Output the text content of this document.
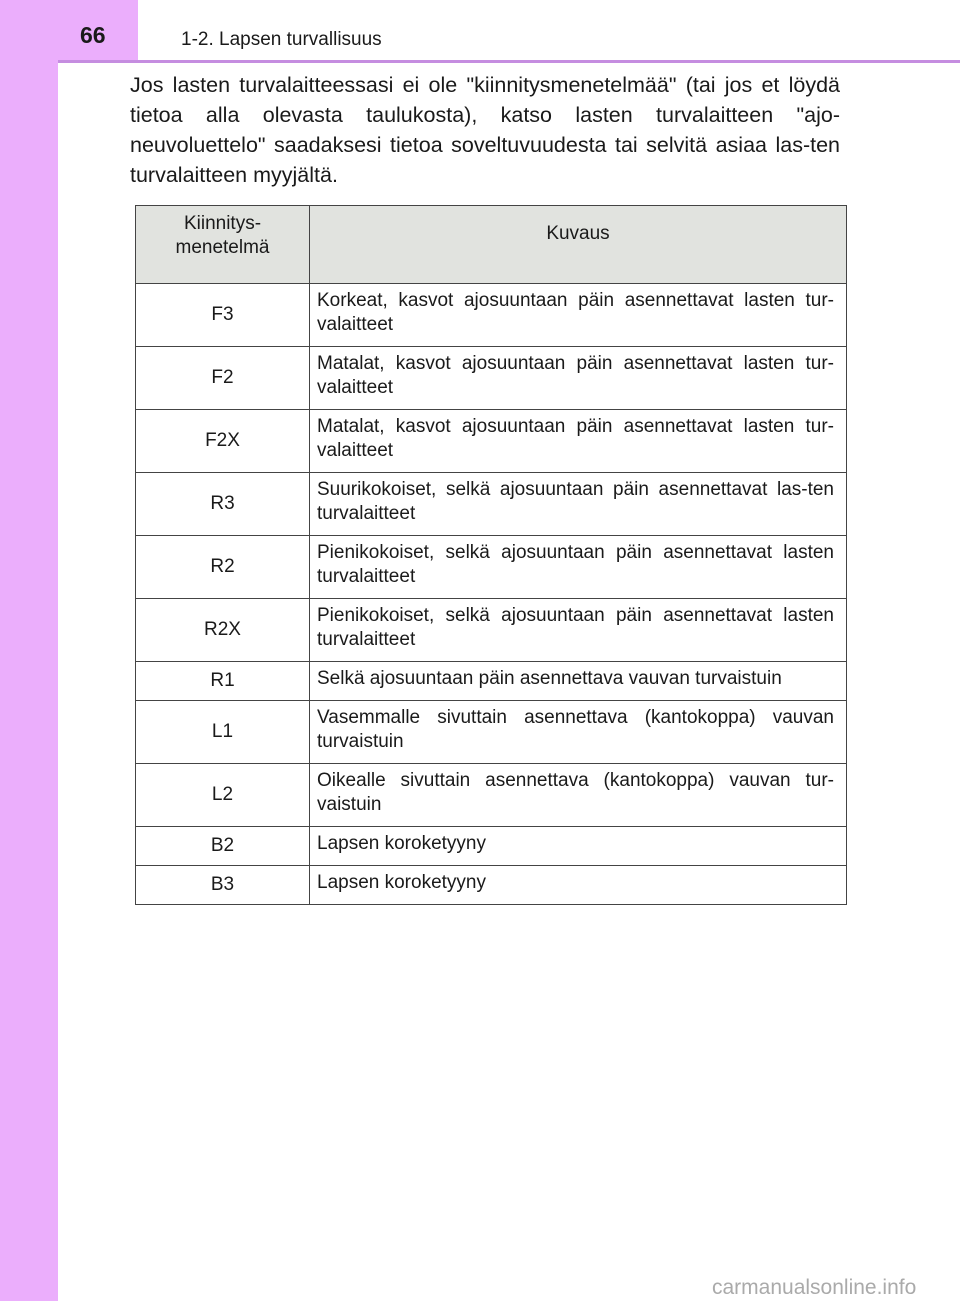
66	1-2. Lapsen turvallisuus
Jos lasten turvalaitteessasi ei ole "kiinnitysmenetelmää" (tai jos et löydä tietoa alla olevasta taulukosta), katso lasten turvalaitteen "ajo-neuvoluettelo" saadaksesi tietoa soveltuvuudesta tai selvitä asiaa las-ten turvalaitteen myyjältä.
Kiinnitys-
menetelmä	Kuvaus
F3	Korkeat, kasvot ajosuuntaan päin asennettavat lasten tur-valaitteet
F2	Matalat, kasvot ajosuuntaan päin asennettavat lasten tur-valaitteet
F2X	Matalat, kasvot ajosuuntaan päin asennettavat lasten tur-valaitteet
R3	Suurikokoiset, selkä ajosuuntaan päin asennettavat las-ten turvalaitteet
R2	Pienikokoiset, selkä ajosuuntaan päin asennettavat lasten turvalaitteet
R2X	Pienikokoiset, selkä ajosuuntaan päin asennettavat lasten turvalaitteet
R1	Selkä ajosuuntaan päin asennettava vauvan turvaistuin
L1	Vasemmalle sivuttain asennettava (kantokoppa) vauvan turvaistuin
L2	Oikealle sivuttain asennettava (kantokoppa) vauvan tur-vaistuin
B2	Lapsen koroketyyny
B3	Lapsen koroketyyny
carmanualsonline.info
